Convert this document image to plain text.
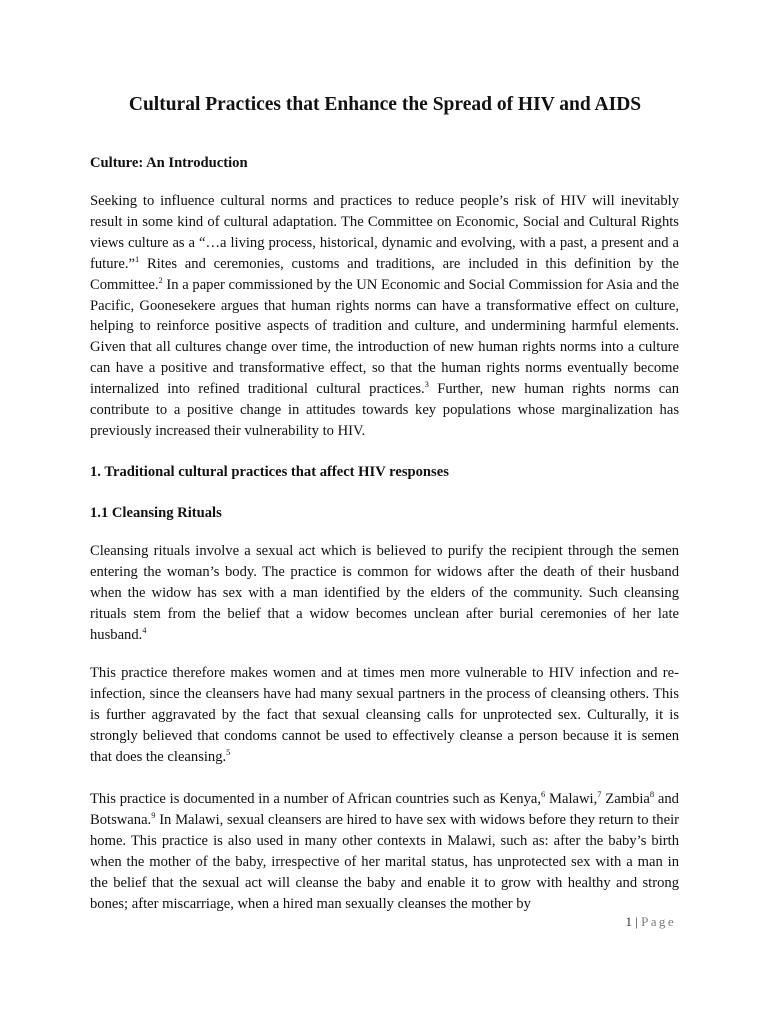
Cultural Practices that Enhance the Spread of HIV and AIDS
Culture: An Introduction

Seeking to influence cultural norms and practices to reduce people’s risk of HIV will inevitably result in some kind of cultural adaptation. The Committee on Economic, Social and Cultural Rights views culture as a “…a living process, historical, dynamic and evolving, with a past, a present and a future.”$^1$ Rites and ceremonies, customs and traditions, are included in this definition by the Committee.$^2$ In a paper commissioned by the UN Economic and Social Commission for Asia and the Pacific, Goonesekere argues that human rights norms can have a transformative effect on culture, helping to reinforce positive aspects of tradition and culture, and undermining harmful elements. Given that all cultures change over time, the introduction of new human rights norms into a culture can have a positive and transformative effect, so that the human rights norms eventually become internalized into refined traditional cultural practices.$^3$ Further, new human rights norms can contribute to a positive change in attitudes towards key populations whose marginalization has previously increased their vulnerability to HIV.

1. Traditional cultural practices that affect HIV responses
1.1 Cleansing Rituals

Cleansing rituals involve a sexual act which is believed to purify the recipient through the semen entering the woman’s body. The practice is common for widows after the death of their husband when the widow has sex with a man identified by the elders of the community. Such cleansing rituals stem from the belief that a widow becomes unclean after burial ceremonies of her late husband.$^4$

This practice therefore makes women and at times men more vulnerable to HIV infection and re-infection, since the cleansers have had many sexual partners in the process of cleansing others. This is further aggravated by the fact that sexual cleansing calls for unprotected sex. Culturally, it is strongly believed that condoms cannot be used to effectively cleanse a person because it is semen that does the cleansing.$^5$

This practice is documented in a number of African countries such as Kenya,$^6$ Malawi,$^7$ Zambia$^8$ and Botswana.$^9$ In Malawi, sexual cleansers are hired to have sex with widows before they return to their home. This practice is also used in many other contexts in Malawi, such as: after the baby’s birth when the mother of the baby, irrespective of her marital status, has unprotected sex with a man in the belief that the sexual act will cleanse the baby and enable it to grow with healthy and strong bones; after miscarriage, when a hired man sexually cleanses the mother by

1 | Page
